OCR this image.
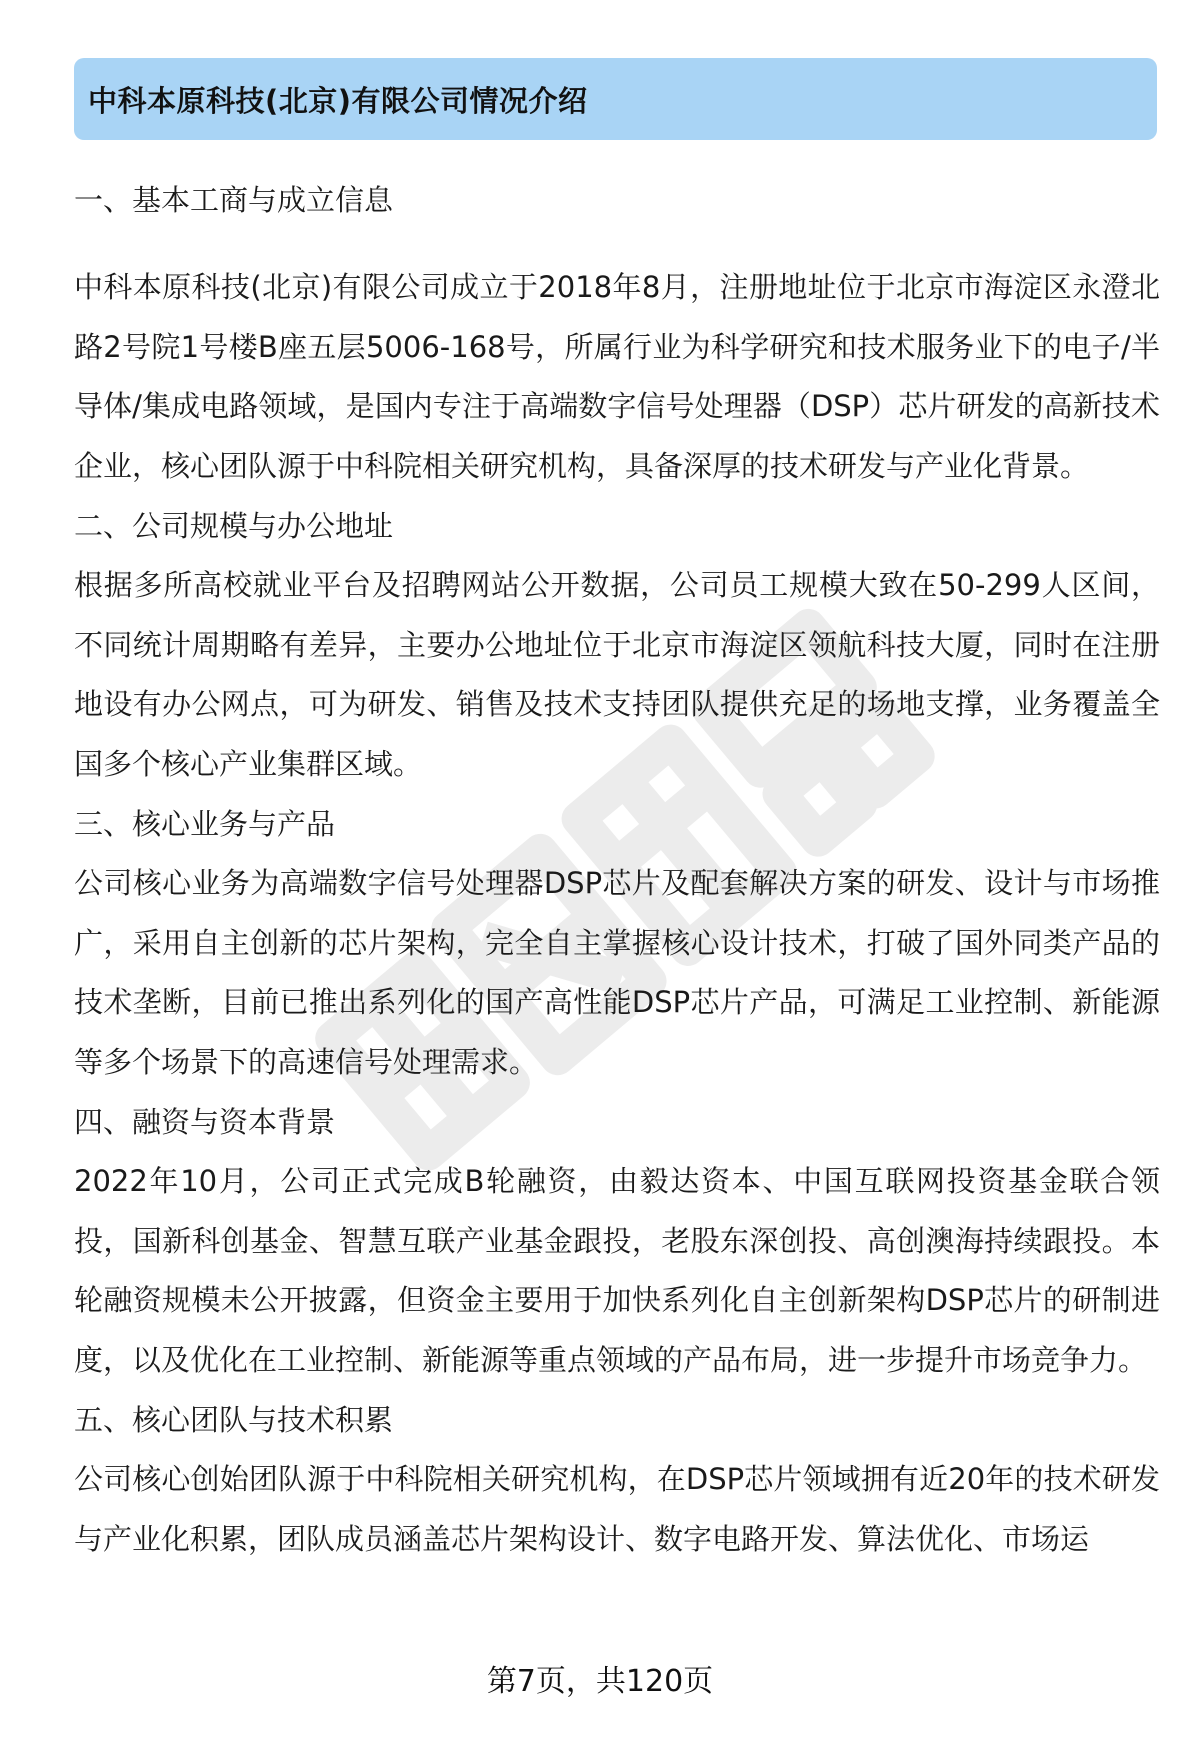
中科本原科技(北京)有限公司情况介绍

一、基本工商与成立信息

中科本原科技(北京)有限公司成立于2018年8月，注册地址位于北京市海淀区永澄北路2号院1号楼B座五层5006-168号，所属行业为科学研究和技术服务业下的电子/半导体/集成电路领域，是国内专注于高端数字信号处理器（DSP）芯片研发的高新技术企业，核心团队源于中科院相关研究机构，具备深厚的技术研发与产业化背景。

二、公司规模与办公地址

根据多所高校就业平台及招聘网站公开数据，公司员工规模大致在50-299人区间，不同统计周期略有差异，主要办公地址位于北京市海淀区领航科技大厦，同时在注册地设有办公网点，可为研发、销售及技术支持团队提供充足的场地支撑，业务覆盖全国多个核心产业集群区域。

三、核心业务与产品

公司核心业务为高端数字信号处理器DSP芯片及配套解决方案的研发、设计与市场推广，采用自主创新的芯片架构，完全自主掌握核心设计技术，打破了国外同类产品的技术垄断，目前已推出系列化的国产高性能DSP芯片产品，可满足工业控制、新能源等多个场景下的高速信号处理需求。

四、融资与资本背景

2022年10月，公司正式完成B轮融资，由毅达资本、中国互联网投资基金联合领投，国新科创基金、智慧互联产业基金跟投，老股东深创投、高创澳海持续跟投。本轮融资规模未公开披露，但资金主要用于加快系列化自主创新架构DSP芯片的研制进度，以及优化在工业控制、新能源等重点领域的产品布局，进一步提升市场竞争力。

五、核心团队与技术积累

公司核心创始团队源于中科院相关研究机构，在DSP芯片领域拥有近20年的技术研发与产业化积累，团队成员涵盖芯片架构设计、数字电路开发、算法优化、市场运

第7页，共120页
